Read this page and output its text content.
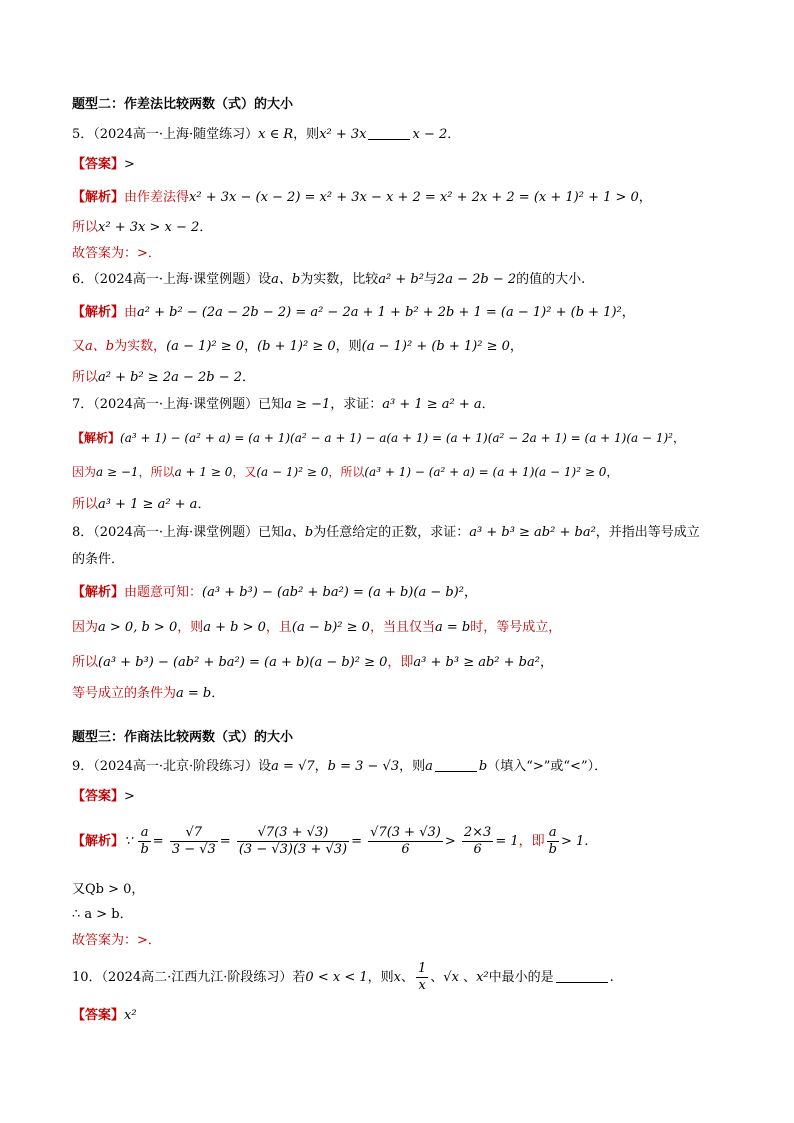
题型二：作差法比较两数（式）的大小
5．（2024高一·上海·随堂练习）x ∈ R，则x² + 3x	x − 2．
【答案】>
【解析】由作差法得x² + 3x − (x − 2) = x² + 3x − x + 2 = x² + 2x + 2 = (x + 1)² + 1 > 0，
所以x² + 3x > x − 2．
故答案为：>．
6．（2024高一·上海·课堂例题）设a、b为实数，比较a² + b²与2a − 2b − 2的值的大小.
【解析】由a² + b² − (2a − 2b − 2) = a² − 2a + 1 + b² + 2b + 1 = (a − 1)² + (b + 1)²，
又a、b为实数，(a − 1)² ≥ 0，(b + 1)² ≥ 0，则(a − 1)² + (b + 1)² ≥ 0，
所以a² + b² ≥ 2a − 2b − 2．
7．（2024高一·上海·课堂例题）已知a ≥ −1，求证：a³ + 1 ≥ a² + a．
【解析】(a³ + 1) − (a² + a) = (a + 1)(a² − a + 1) − a(a + 1) = (a + 1)(a² − 2a + 1) = (a + 1)(a − 1)²，
因为a ≥ −1，所以a + 1 ≥ 0，又(a − 1)² ≥ 0，所以(a³ + 1) − (a² + a) = (a + 1)(a − 1)² ≥ 0，
所以a³ + 1 ≥ a² + a．
8．（2024高一·上海·课堂例题）已知a、b为任意给定的正数，求证：a³ + b³ ≥ ab² + ba²，并指出等号成立
的条件．
【解析】由题意可知：(a³ + b³) − (ab² + ba²) = (a + b)(a − b)²，
因为a > 0, b > 0，则a + b > 0，且(a − b)² ≥ 0，当且仅当a = b时，等号成立，
所以(a³ + b³) − (ab² + ba²) = (a + b)(a − b)² ≥ 0，即a³ + b³ ≥ ab² + ba²，
等号成立的条件为a = b．
题型三：作商法比较两数（式）的大小
9．（2024高一·北京·阶段练习）设a = √7，b = 3 − √3，则a	b（填入“>”或“<”）．
【答案】>
【解析】∵ $\frac{a}{b} = \frac{√7}{3 - √3} = \frac{√7(3 + √3)}{(3 - √3)(3 + √3)} = \frac{√7(3 + √3)}{6} > \frac{2\times 3}{6} = 1$，即 $\frac{a}{b} > 1$.
又Qb > 0，
∴ a > b．
故答案为：>．
10．（2024高二·江西九江·阶段练习）若0 < x < 1，则x、 $\frac{1}{x}$ 、√x 、x²中最小的是	.
【答案】x²
